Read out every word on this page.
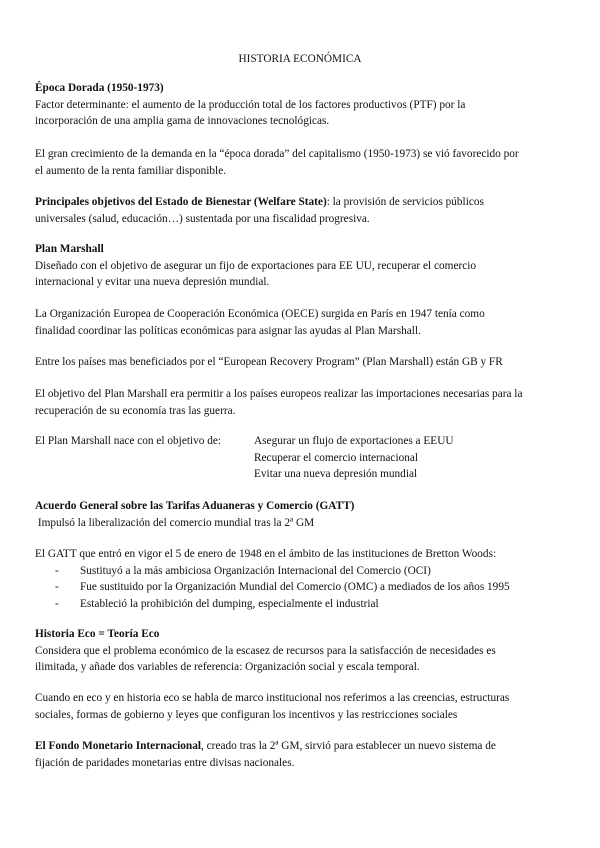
HISTORIA ECONÓMICA
Época Dorada (1950-1973)
Factor determinante: el aumento de la producción total de los factores productivos (PTF) por la
incorporación de una amplia gama de innovaciones tecnológicas.
El gran crecimiento de la demanda en la “época dorada” del capitalismo (1950-1973) se vió favorecido por
el aumento de la renta familiar disponible.
Principales objetivos del Estado de Bienestar (Welfare State): la provisión de servicios públicos
universales (salud, educación…) sustentada por una fiscalidad progresiva.
Plan Marshall
Diseñado con el objetivo de asegurar un fijo de exportaciones para EE UU, recuperar el comercio
internacional y evitar una nueva depresión mundial.
La Organización Europea de Cooperación Económica (OECE) surgida en París en 1947 tenía como
finalidad coordinar las políticas económicas para asignar las ayudas al Plan Marshall.
Entre los países mas beneficiados por el “European Recovery Program” (Plan Marshall) están GB y FR
El objetivo del Plan Marshall era permitir a los países europeos realizar las importaciones necesarias para la
recuperación de su economía tras las guerra.
El Plan Marshall nace con el objetivo de:	Asegurar un flujo de exportaciones a EEUU
Recuperar el comercio internacional
Evitar una nueva depresión mundial
Acuerdo General sobre las Tarifas Aduaneras y Comercio (GATT)
Impulsó la liberalización del comercio mundial tras la 2ª GM
El GATT que entró en vigor el 5 de enero de 1948 en el ámbito de las instituciones de Bretton Woods:
- Sustituyó a la más ambiciosa Organización Internacional del Comercio (OCI)
- Fue sustituido por la Organización Mundial del Comercio (OMC) a mediados de los años 1995
- Estableció la prohibición del dumping, especialmente el industrial
Historia Eco = Teoría Eco
Considera que el problema económico de la escasez de recursos para la satisfacción de necesidades es
ilimitada, y añade dos variables de referencia: Organización social y escala temporal.
Cuando en eco y en historia eco se habla de marco institucional nos referimos a las creencias, estructuras
sociales, formas de gobierno y leyes que configuran los incentivos y las restricciones sociales
El Fondo Monetario Internacional, creado tras la 2ª GM, sirvió para establecer un nuevo sistema de
fijación de paridades monetarias entre divisas nacionales.
